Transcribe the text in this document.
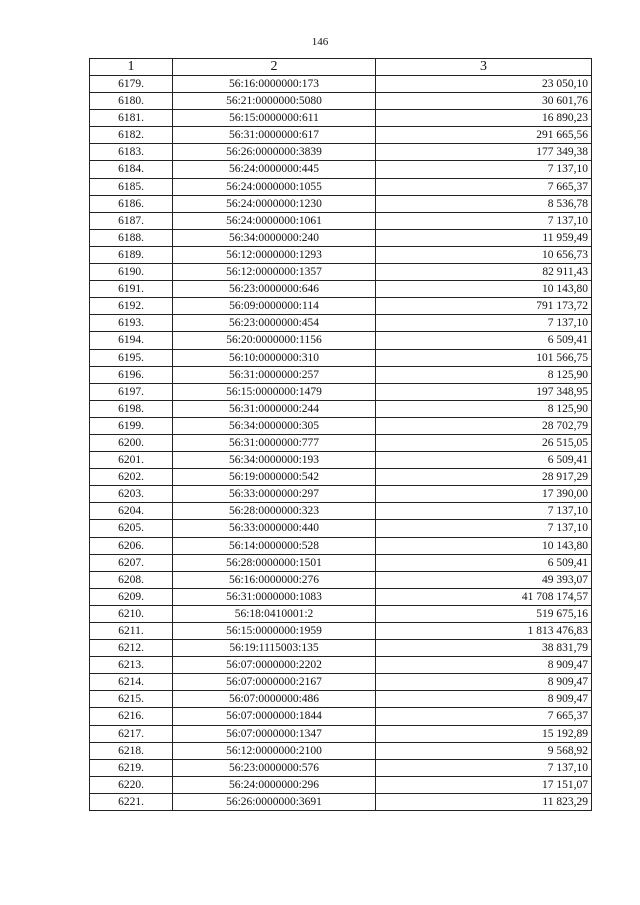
146
1	2	3
6179.	56:16:0000000:173	23 050,10
6180.	56:21:0000000:5080	30 601,76
6181.	56:15:0000000:611	16 890,23
6182.	56:31:0000000:617	291 665,56
6183.	56:26:0000000:3839	177 349,38
6184.	56:24:0000000:445	7 137,10
6185.	56:24:0000000:1055	7 665,37
6186.	56:24:0000000:1230	8 536,78
6187.	56:24:0000000:1061	7 137,10
6188.	56:34:0000000:240	11 959,49
6189.	56:12:0000000:1293	10 656,73
6190.	56:12:0000000:1357	82 911,43
6191.	56:23:0000000:646	10 143,80
6192.	56:09:0000000:114	791 173,72
6193.	56:23:0000000:454	7 137,10
6194.	56:20:0000000:1156	6 509,41
6195.	56:10:0000000:310	101 566,75
6196.	56:31:0000000:257	8 125,90
6197.	56:15:0000000:1479	197 348,95
6198.	56:31:0000000:244	8 125,90
6199.	56:34:0000000:305	28 702,79
6200.	56:31:0000000:777	26 515,05
6201.	56:34:0000000:193	6 509,41
6202.	56:19:0000000:542	28 917,29
6203.	56:33:0000000:297	17 390,00
6204.	56:28:0000000:323	7 137,10
6205.	56:33:0000000:440	7 137,10
6206.	56:14:0000000:528	10 143,80
6207.	56:28:0000000:1501	6 509,41
6208.	56:16:0000000:276	49 393,07
6209.	56:31:0000000:1083	41 708 174,57
6210.	56:18:0410001:2	519 675,16
6211.	56:15:0000000:1959	1 813 476,83
6212.	56:19:1115003:135	38 831,79
6213.	56:07:0000000:2202	8 909,47
6214.	56:07:0000000:2167	8 909,47
6215.	56:07:0000000:486	8 909,47
6216.	56:07:0000000:1844	7 665,37
6217.	56:07:0000000:1347	15 192,89
6218.	56:12:0000000:2100	9 568,92
6219.	56:23:0000000:576	7 137,10
6220.	56:24:0000000:296	17 151,07
6221.	56:26:0000000:3691	11 823,29
